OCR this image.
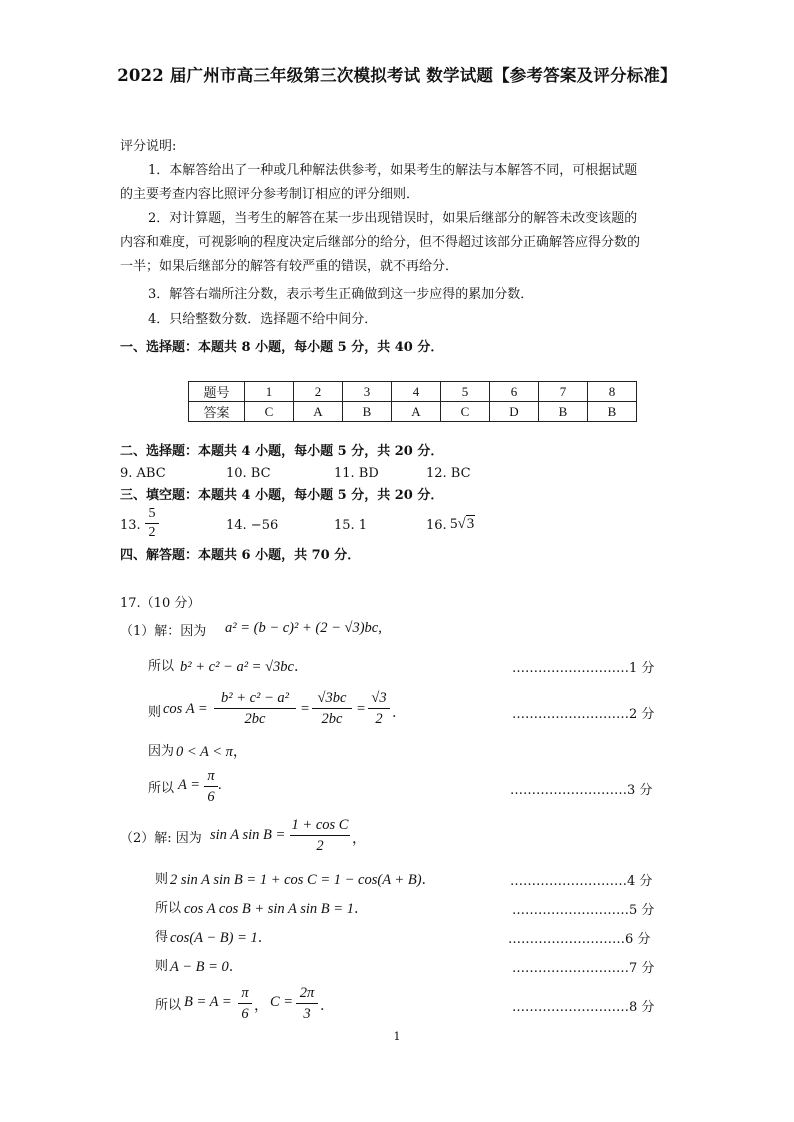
2022 届广州市高三年级第三次模拟考试 数学试题【参考答案及评分标准】
评分说明:
1．本解答给出了一种或几种解法供参考，如果考生的解法与本解答不同，可根据试题
的主要考查内容比照评分参考制订相应的评分细则．
2．对计算题，当考生的解答在某一步出现错误时，如果后继部分的解答未改变该题的
内容和难度，可视影响的程度决定后继部分的给分，但不得超过该部分正确解答应得分数的
一半；如果后继部分的解答有较严重的错误，就不再给分．
3．解答右端所注分数，表示考生正确做到这一步应得的累加分数．
4．只给整数分数．选择题不给中间分．
一、选择题：本题共 8 小题，每小题 5 分，共 40 分．
题号	1	2	3	4	5	6	7	8
答案	C	A	B	A	C	D	B	B
二、选择题：本题共 4 小题，每小题 5 分，共 20 分．
9. ABC	10. BC	11. BD	12. BC
三、填空题：本题共 4 小题，每小题 5 分，共 20 分．
13. $\frac{5}{2}$	14. −56	15. 1	16. 5√3
四、解答题：本题共 6 小题，共 70 分．
17.（10 分）
（1）解：因为 a² = (b − c)² + (2 − √3)bc,
所以 b² + c² − a² = √3bc．	………………………1 分
则 cos A =
b² + c² − a²
2bc
=
√3bc
2bc
=
√3
2 ．	………………………2 分
因为 0 < A < π，
所以 A =
π
6
.	………………………3 分
（2）解: 因为 sin A sin B =
1 + cos C
2	，
则 2 sin A sin B = 1 + cos C = 1 − cos(A + B)．	………………………4 分
所以 cos A cos B + sin A sin B = 1．	………………………5 分
得 cos(A − B) = 1．	………………………6 分
则 A − B = 0．	………………………7 分
所以 B = A =
π
6 ， C =
2π
3 ．	………………………8 分
1
